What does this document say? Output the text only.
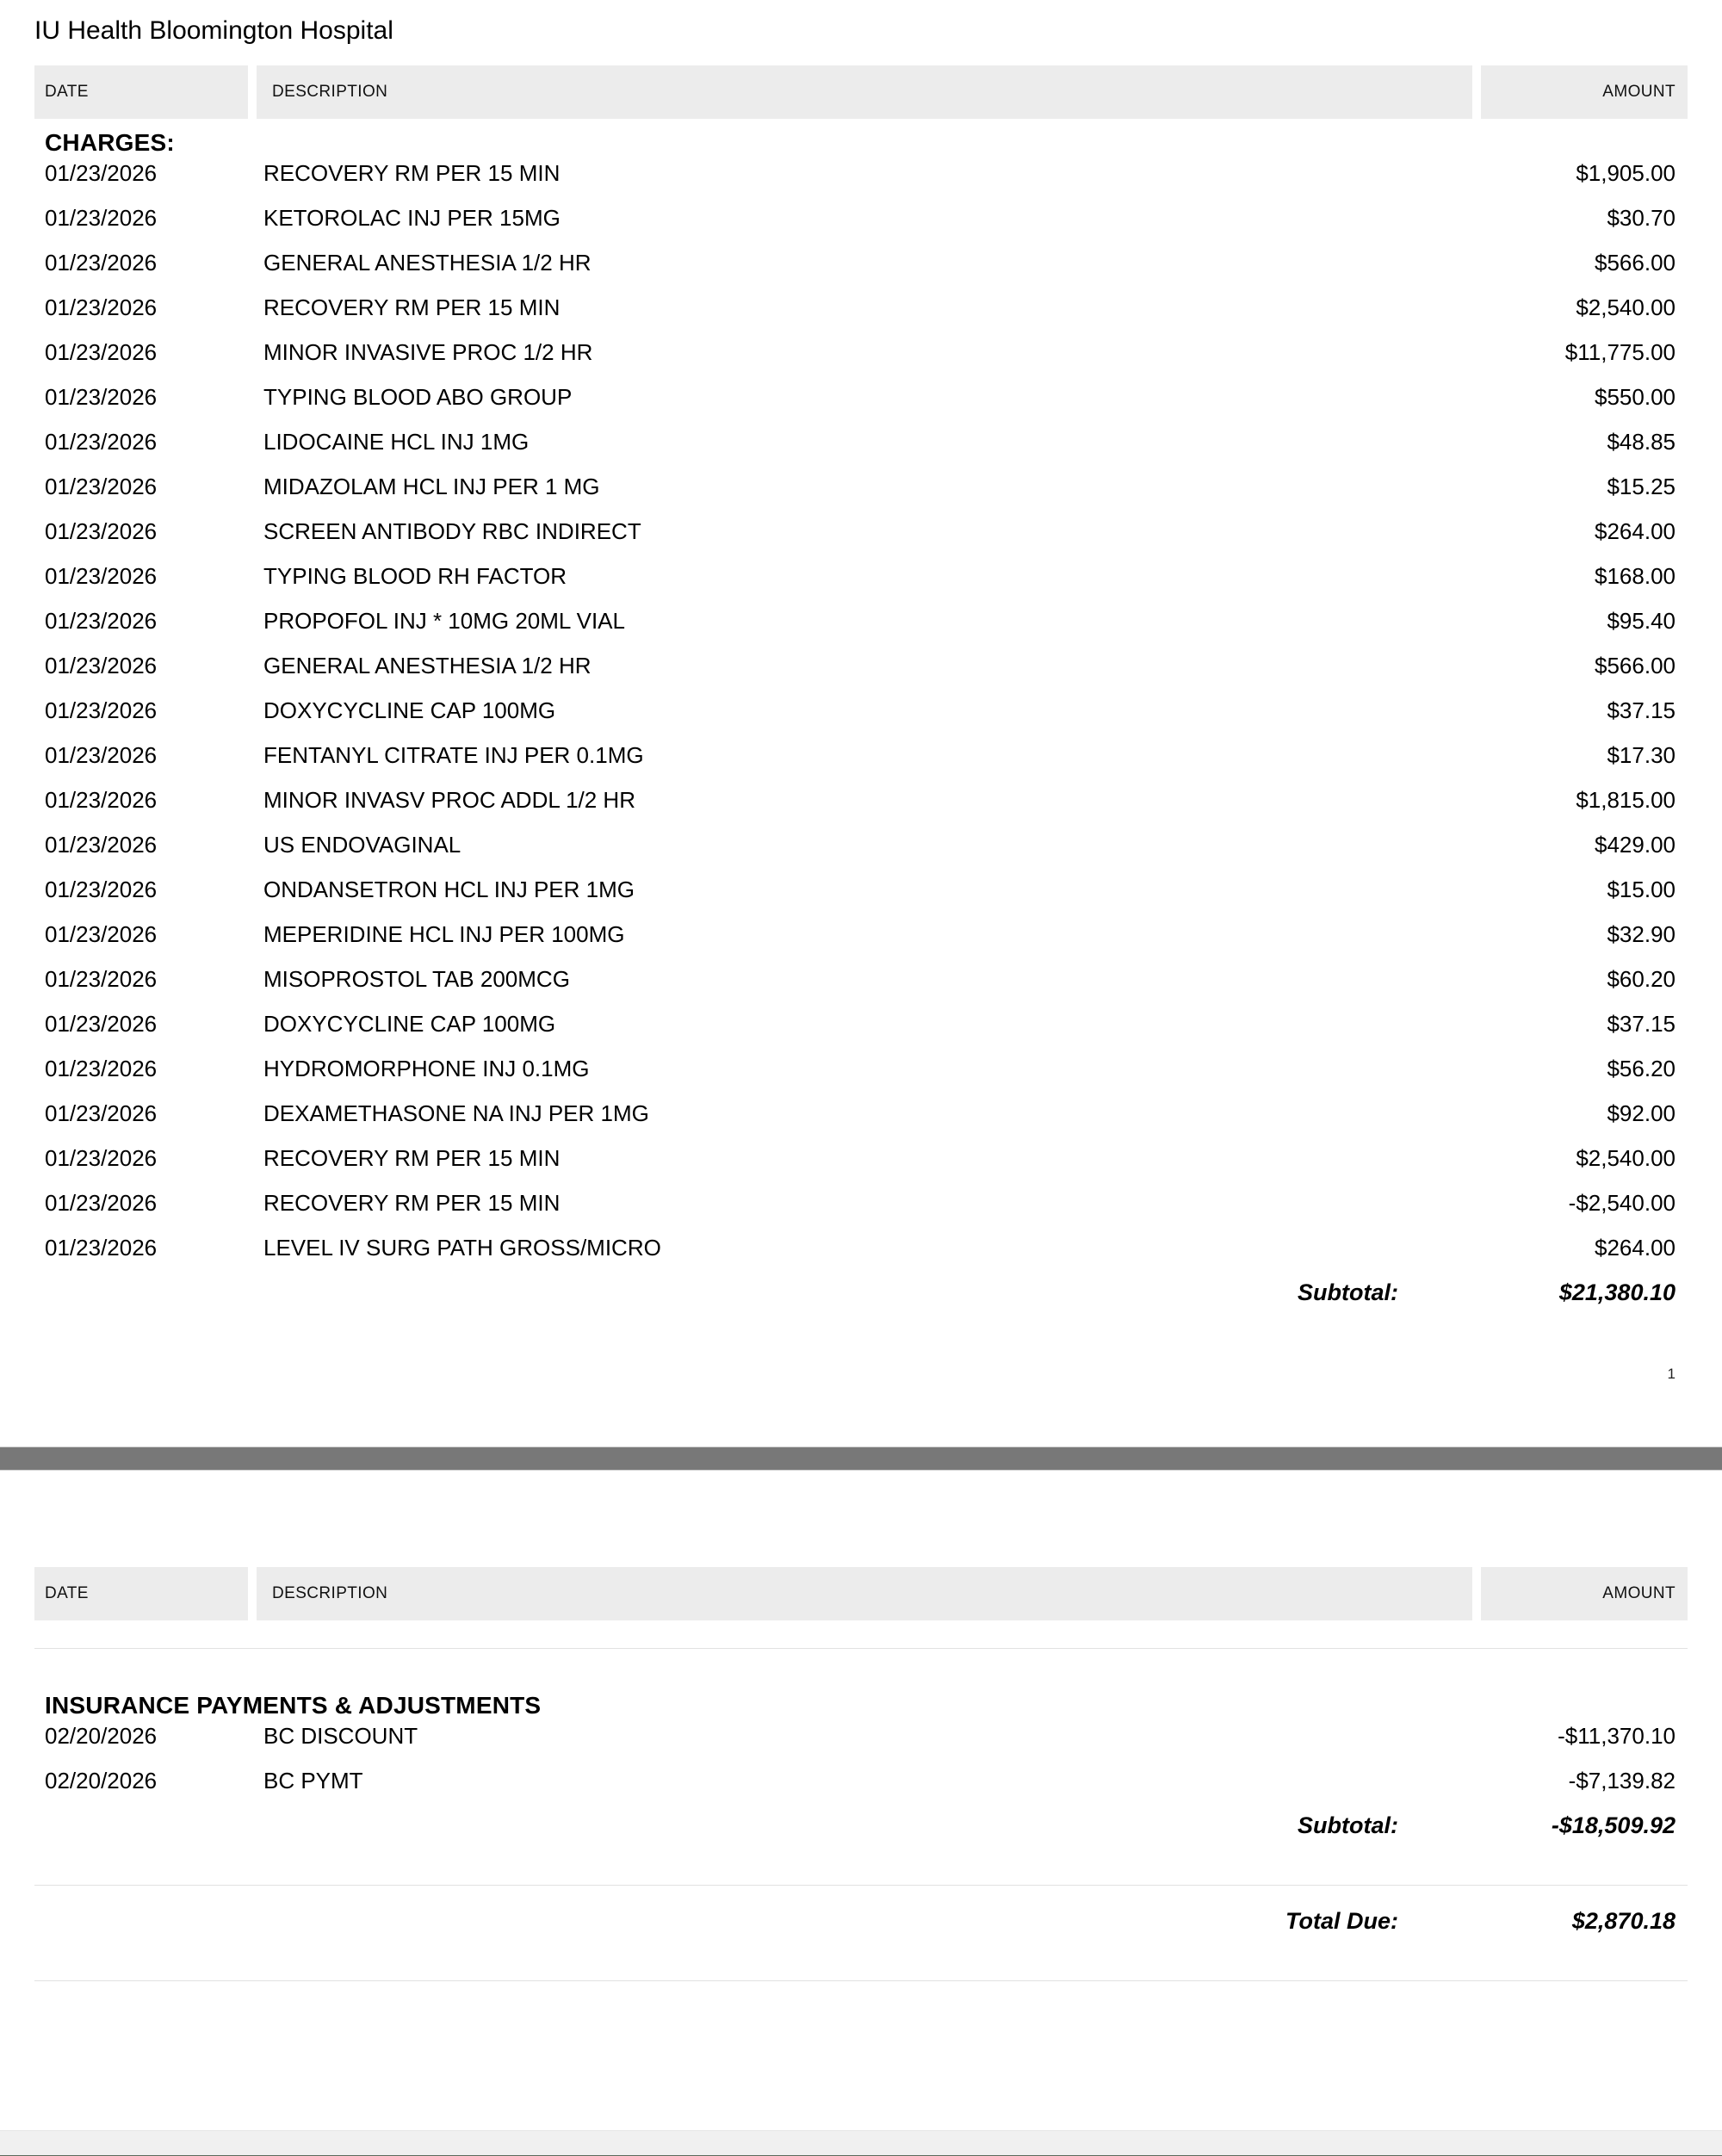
IU Health Bloomington Hospital
DATE	DESCRIPTION	AMOUNT
CHARGES:
01/23/2026	RECOVERY RM PER 15 MIN	$1,905.00
01/23/2026	KETOROLAC INJ PER 15MG	$30.70
01/23/2026	GENERAL ANESTHESIA 1/2 HR	$566.00
01/23/2026	RECOVERY RM PER 15 MIN	$2,540.00
01/23/2026	MINOR INVASIVE PROC 1/2 HR	$11,775.00
01/23/2026	TYPING BLOOD ABO GROUP	$550.00
01/23/2026	LIDOCAINE HCL INJ 1MG	$48.85
01/23/2026	MIDAZOLAM HCL INJ PER 1 MG	$15.25
01/23/2026	SCREEN ANTIBODY RBC INDIRECT	$264.00
01/23/2026	TYPING BLOOD RH FACTOR	$168.00
01/23/2026	PROPOFOL INJ * 10MG 20ML VIAL	$95.40
01/23/2026	GENERAL ANESTHESIA 1/2 HR	$566.00
01/23/2026	DOXYCYCLINE CAP 100MG	$37.15
01/23/2026	FENTANYL CITRATE INJ PER 0.1MG	$17.30
01/23/2026	MINOR INVASV PROC ADDL 1/2 HR	$1,815.00
01/23/2026	US ENDOVAGINAL	$429.00
01/23/2026	ONDANSETRON HCL INJ PER 1MG	$15.00
01/23/2026	MEPERIDINE HCL INJ PER 100MG	$32.90
01/23/2026	MISOPROSTOL TAB 200MCG	$60.20
01/23/2026	DOXYCYCLINE CAP 100MG	$37.15
01/23/2026	HYDROMORPHONE INJ 0.1MG	$56.20
01/23/2026	DEXAMETHASONE NA INJ PER 1MG	$92.00
01/23/2026	RECOVERY RM PER 15 MIN	$2,540.00
01/23/2026	RECOVERY RM PER 15 MIN	-$2,540.00
01/23/2026	LEVEL IV SURG PATH GROSS/MICRO	$264.00
Subtotal:	$21,380.10
1
DATE	DESCRIPTION	AMOUNT
INSURANCE PAYMENTS & ADJUSTMENTS
02/20/2026	BC DISCOUNT	-$11,370.10
02/20/2026	BC PYMT	-$7,139.82
Subtotal:	-$18,509.92
Total Due:	$2,870.18
